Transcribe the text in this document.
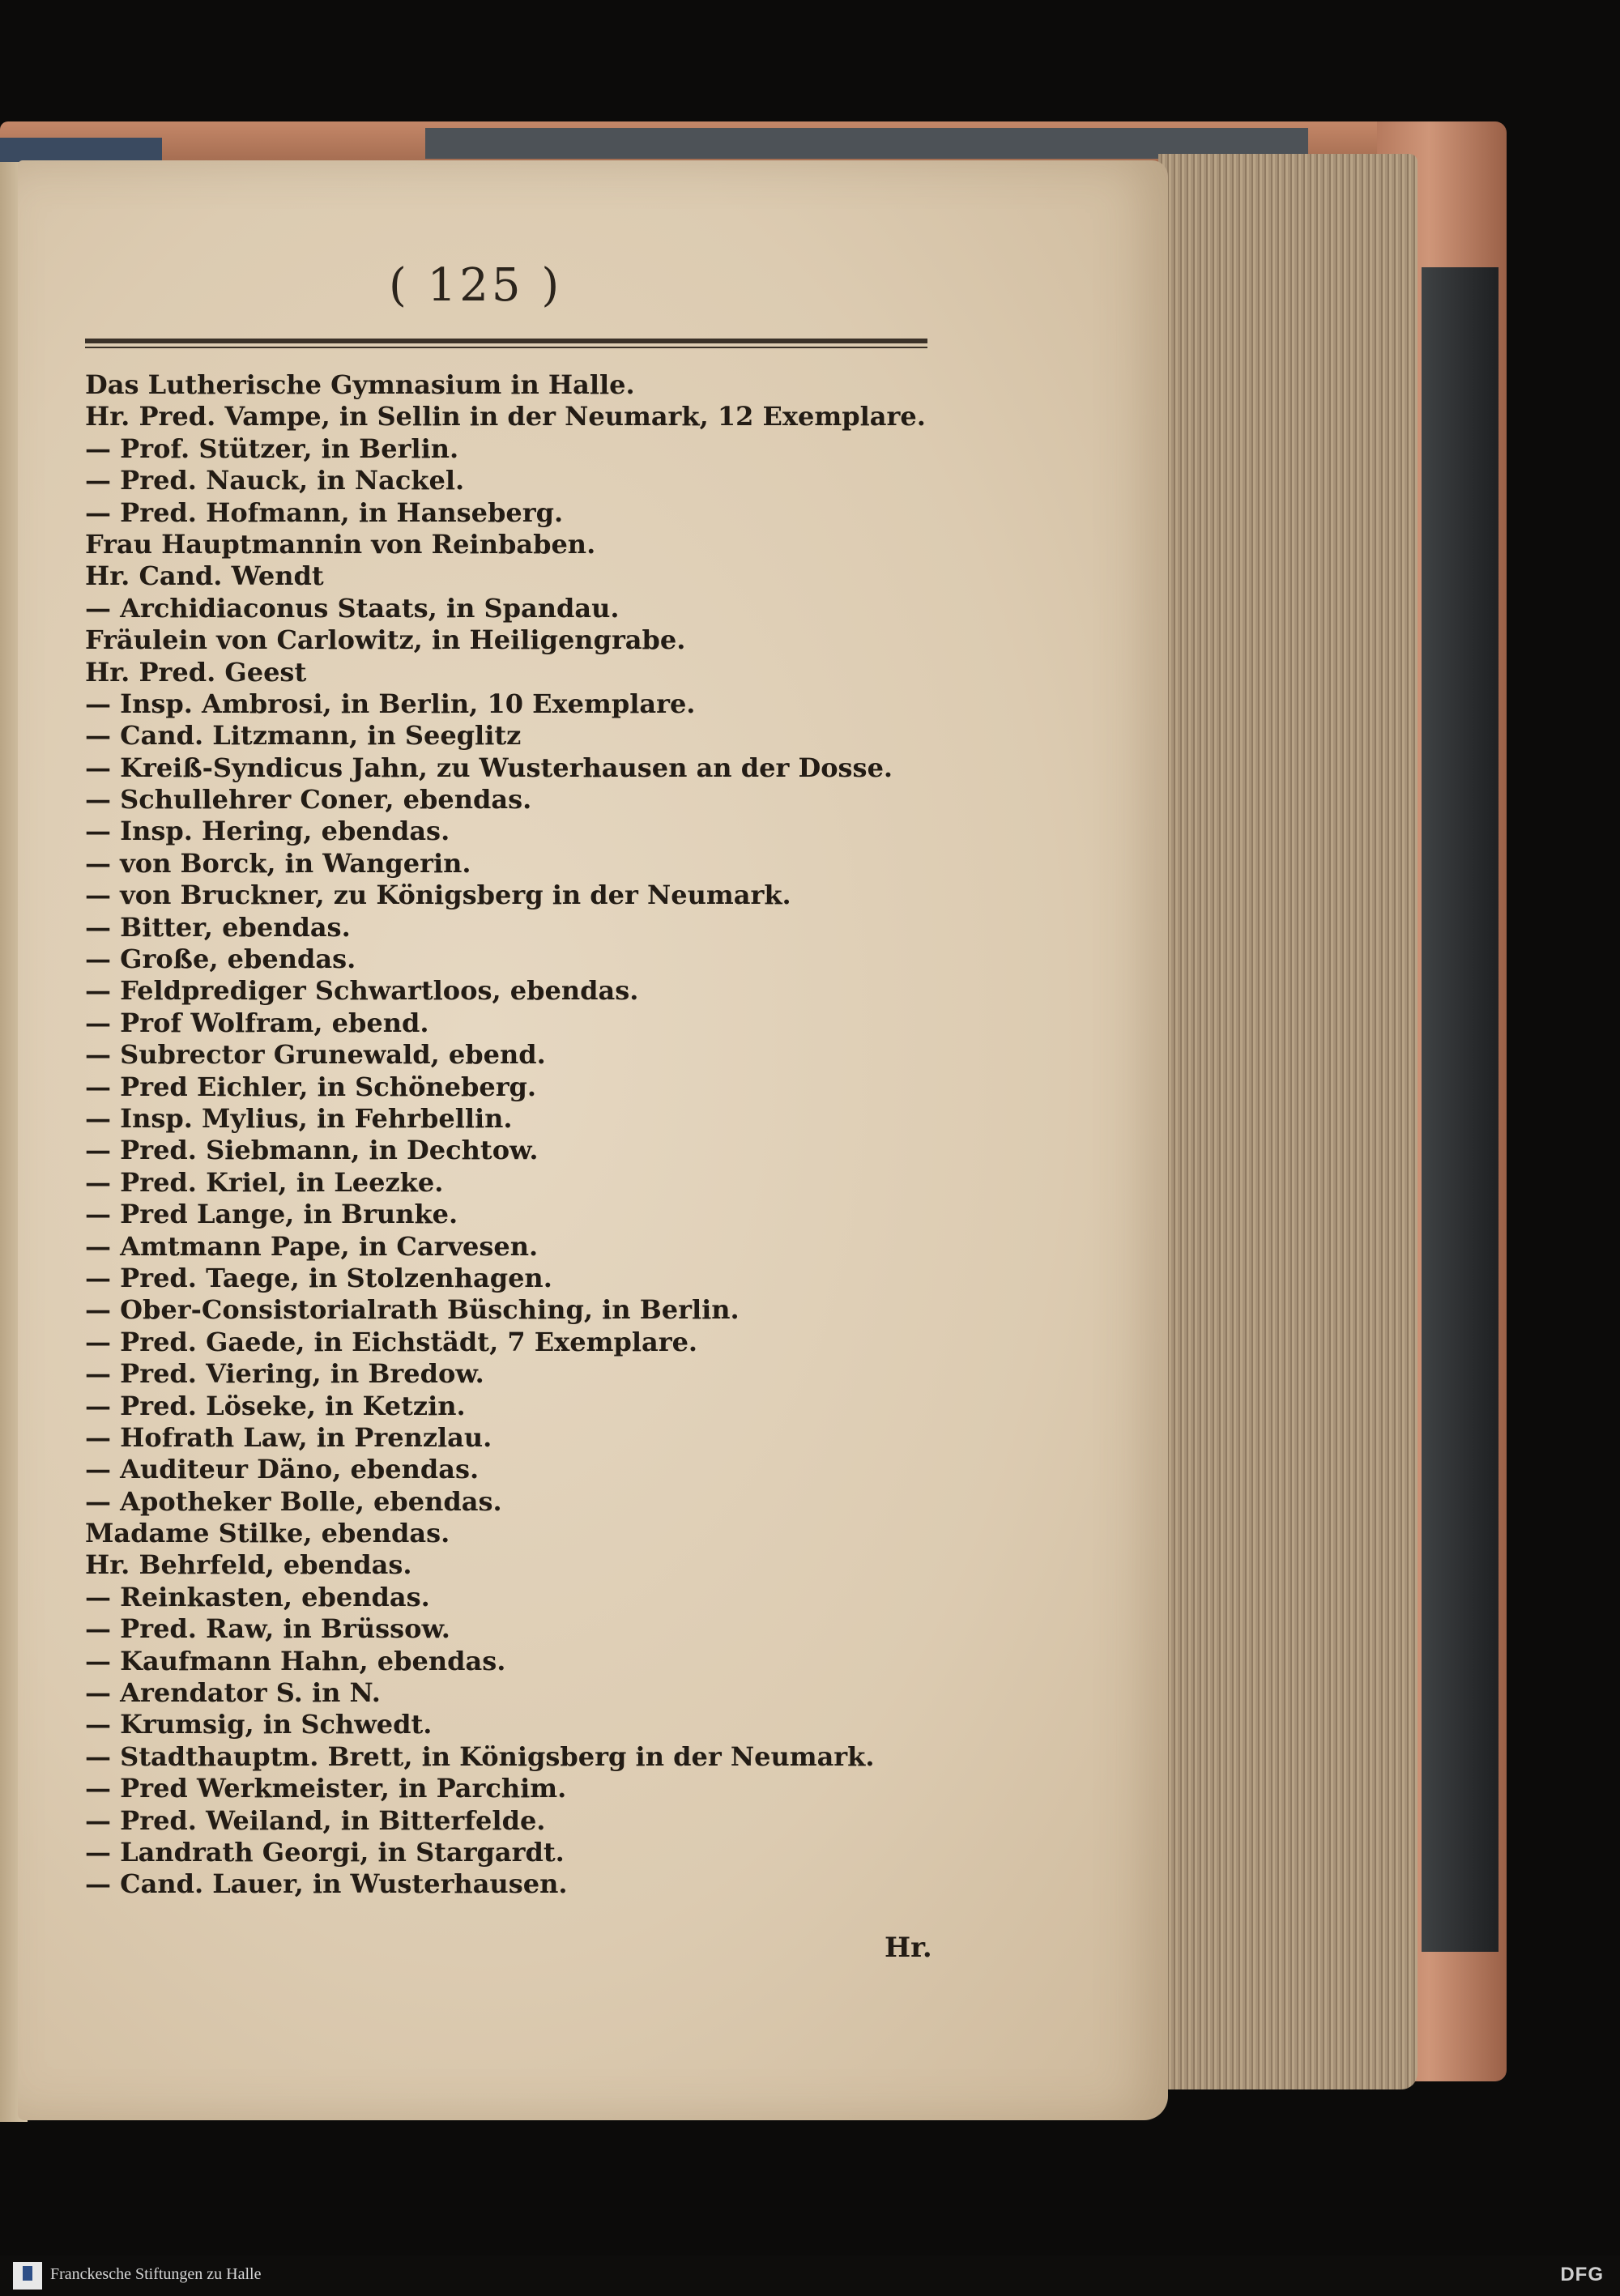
( 125 )
Das Lutherische Gymnasium in Halle.
Hr. Pred. Vampe, in Sellin in der Neumark, 12 Exemplare.
— Prof. Stützer, in Berlin.
— Pred. Nauck, in Nackel.
— Pred. Hofmann, in Hanseberg.
Frau Hauptmannin von Reinbaben.
Hr. Cand. Wendt
— Archidiaconus Staats, in Spandau.
Fräulein von Carlowitz, in Heiligengrabe.
Hr. Pred. Geest
— Insp. Ambrosi, in Berlin, 10 Exemplare.
— Cand. Litzmann, in Seeglitz
— Kreiß-Syndicus Jahn, zu Wusterhausen an der Dosse.
— Schullehrer Coner, ebendas.
— Insp. Hering, ebendas.
— von Borck, in Wangerin.
— von Bruckner, zu Königsberg in der Neumark.
— Bitter, ebendas.
— Große, ebendas.
— Feldprediger Schwartloos, ebendas.
— Prof Wolfram, ebend.
— Subrector Grunewald, ebend.
— Pred Eichler, in Schöneberg.
— Insp. Mylius, in Fehrbellin.
— Pred. Siebmann, in Dechtow.
— Pred. Kriel, in Leezke.
— Pred Lange, in Brunke.
— Amtmann Pape, in Carvesen.
— Pred. Taege, in Stolzenhagen.
— Ober-Consistorialrath Büsching, in Berlin.
— Pred. Gaede, in Eichstädt, 7 Exemplare.
— Pred. Viering, in Bredow.
— Pred. Löseke, in Ketzin.
— Hofrath Law, in Prenzlau.
— Auditeur Däno, ebendas.
— Apotheker Bolle, ebendas.
Madame Stilke, ebendas.
Hr. Behrfeld, ebendas.
— Reinkasten, ebendas.
— Pred. Raw, in Brüssow.
— Kaufmann Hahn, ebendas.
— Arendator S. in N.
— Krumsig, in Schwedt.
— Stadthauptm. Brett, in Königsberg in der Neumark.
— Pred Werkmeister, in Parchim.
— Pred. Weiland, in Bitterfelde.
— Landrath Georgi, in Stargardt.
— Cand. Lauer, in Wusterhausen.
Hr.
Franckesche Stiftungen zu Halle	DFG
